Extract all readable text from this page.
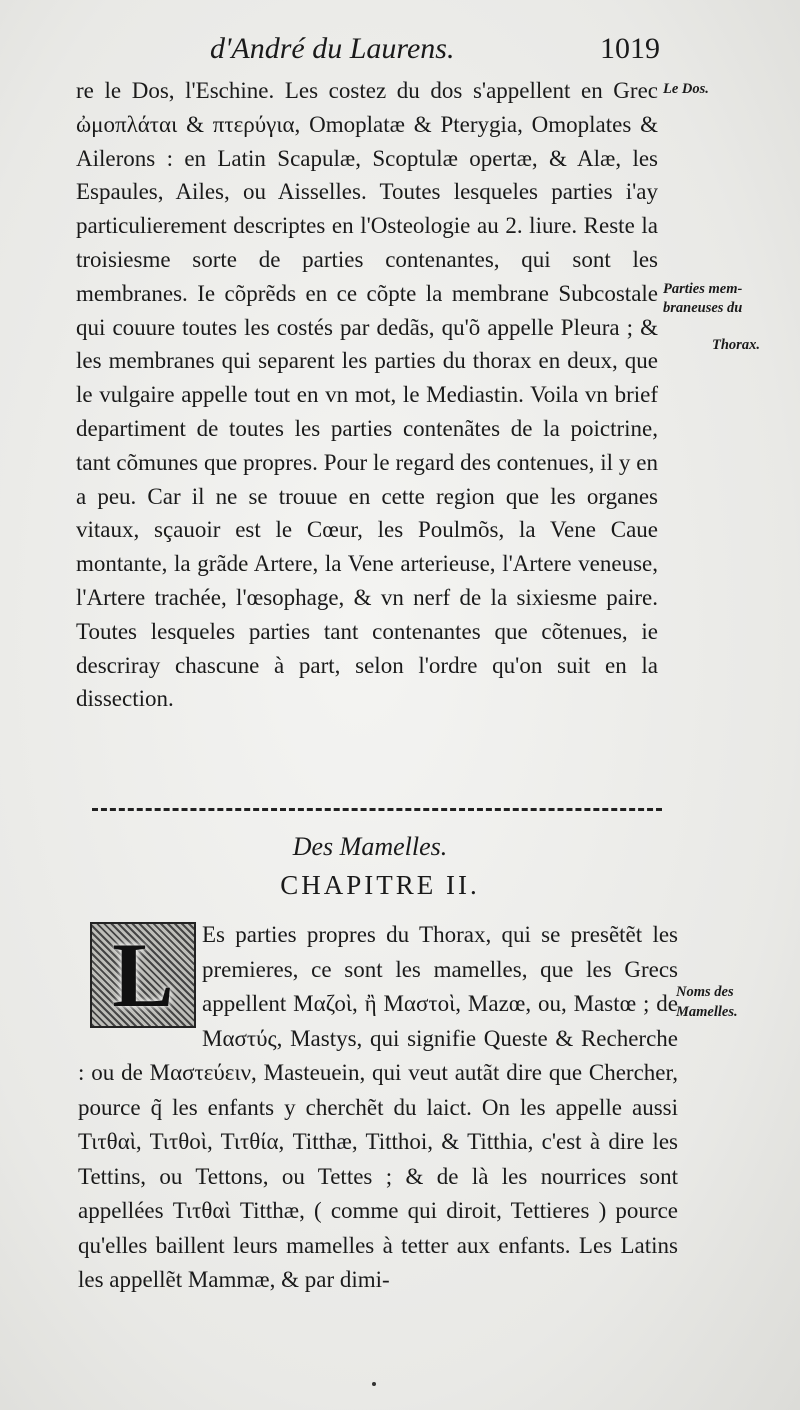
d'André du Laurens.	1019

re le Dos, l'Eschine. Les costez du dos s'appellent en Grec ὠμοπλάται & πτερύγια, Omoplatæ & Pterygia, Omoplates & Ailerons : en Latin Scapulæ, Scoptulæ opertæ, & Alæ, les Espaules, Ailes, ou Aisselles. Toutes lesqueles parties i'ay particulierement descriptes en l'Osteologie au 2. liure. Reste la troisiesme sorte de parties contenantes, qui sont les membranes. Ie cõprẽds en ce cõpte la membrane Subcostale qui couure toutes les costés par dedãs, qu'õ appelle Pleura ; & les membranes qui separent les parties du thorax en deux, que le vulgaire appelle tout en vn mot, le Mediastin. Voila vn brief departiment de toutes les parties contenãtes de la poictrine, tant cõmunes que propres. Pour le regard des contenues, il y en a peu. Car il ne se trouue en cette region que les organes vitaux, sçauoir est le Cœur, les Poulmõs, la Vene Caue montante, la grãde Artere, la Vene arterieuse, l'Artere veneuse, l'Artere trachée, l'œsophage, & vn nerf de la sixiesme paire. Toutes lesqueles parties tant contenantes que cõtenues, ie descriray chascune à part, selon l'ordre qu'on suit en la dissection.

Le Dos.
Parties mem-
braneuses du
Thorax.
Des Mamelles.
CHAPITRE II.

Es parties propres du Thorax, qui se presẽtẽt les premieres, ce sont les mamelles, que les Grecs appellent Μαζοὶ, ἢ Μαστοὶ, Mazœ, ou, Mastœ ; de Μαστύς, Mastys, qui signifie Queste & Recherche : ou de Μαστεύειν, Masteuein, qui veut autãt dire que Chercher, pource q̃ les enfants y cherchẽt du laict. On les appelle aussi Τιτθαὶ, Τιτθοὶ, Τιτθία, Titthæ, Titthoi, & Titthia, c'est à dire les Tettins, ou Tettons, ou Tettes ; & de là les nourrices sont appellées Τιτθαὶ Titthæ, ( comme qui diroit, Tettieres ) pource qu'elles baillent leurs mamelles à tetter aux enfants. Les Latins les appellẽt Mammæ, & par dimi-

L	Noms des
Mamelles.
